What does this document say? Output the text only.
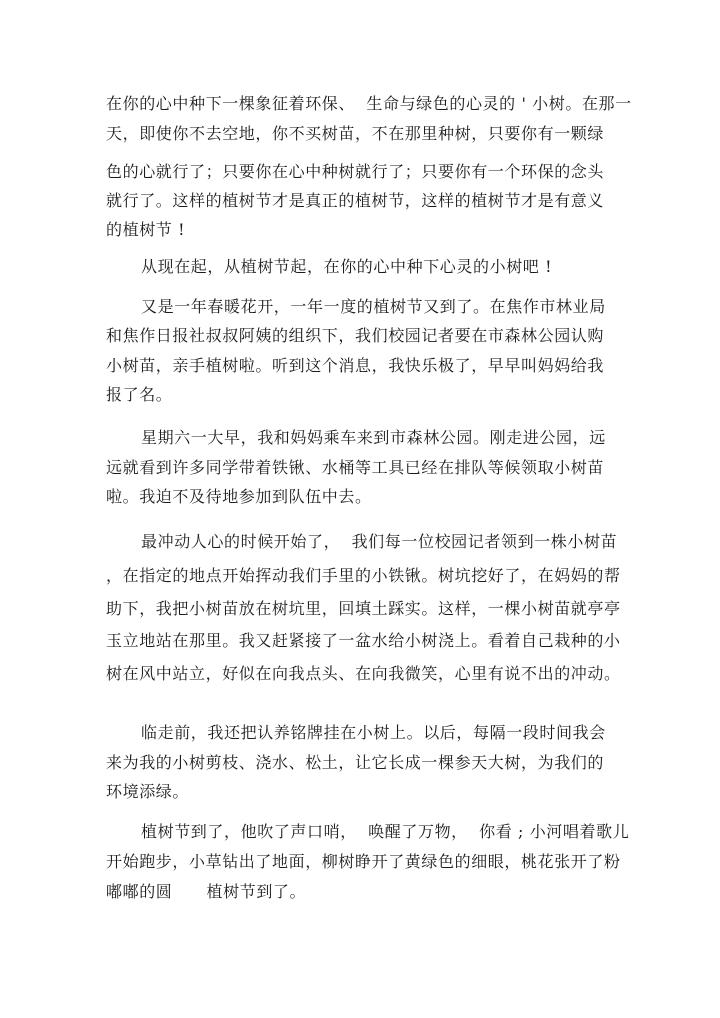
在你的心中种下一棵象征着环保、  生命与绿色的心灵的 ' 小树。在那一
天，即使你不去空地，你不买树苗，不在那里种树，只要你有一颗绿
色的心就行了；只要你在心中种树就行了；只要你有一个环保的念头
就行了。这样的植树节才是真正的植树节，这样的植树节才是有意义
的植树节 !
从现在起，从植树节起，在你的心中种下心灵的小树吧 !
又是一年春暖花开，一年一度的植树节又到了。在焦作市林业局
和焦作日报社叔叔阿姨的组织下，我们校园记者要在市森林公园认购
小树苗，亲手植树啦。听到这个消息，我快乐极了，早早叫妈妈给我
报了名。
星期六一大早，我和妈妈乘车来到市森林公园。刚走进公园，远
远就看到许多同学带着铁锹、水桶等工具已经在排队等候领取小树苗
啦。我迫不及待地参加到队伍中去。
最冲动人心的时候开始了，  我们每一位校园记者领到一株小树苗
，在指定的地点开始挥动我们手里的小铁锹。树坑挖好了，在妈妈的帮
助下，我把小树苗放在树坑里，回填土踩实。这样，一棵小树苗就亭亭
玉立地站在那里。我又赶紧接了一盆水给小树浇上。看着自己栽种的小
树在风中站立，好似在向我点头、在向我微笑，心里有说不出的冲动。
临走前，我还把认养铭牌挂在小树上。以后，每隔一段时间我会
来为我的小树剪枝、浇水、松土，让它长成一棵参天大树，为我们的
环境添绿。
植树节到了，他吹了声口哨，  唤醒了万物，  你看 ; 小河唱着歌儿
开始跑步，小草钻出了地面，柳树睁开了黄绿色的细眼，桃花张开了粉
嘟嘟的圆      植树节到了。
